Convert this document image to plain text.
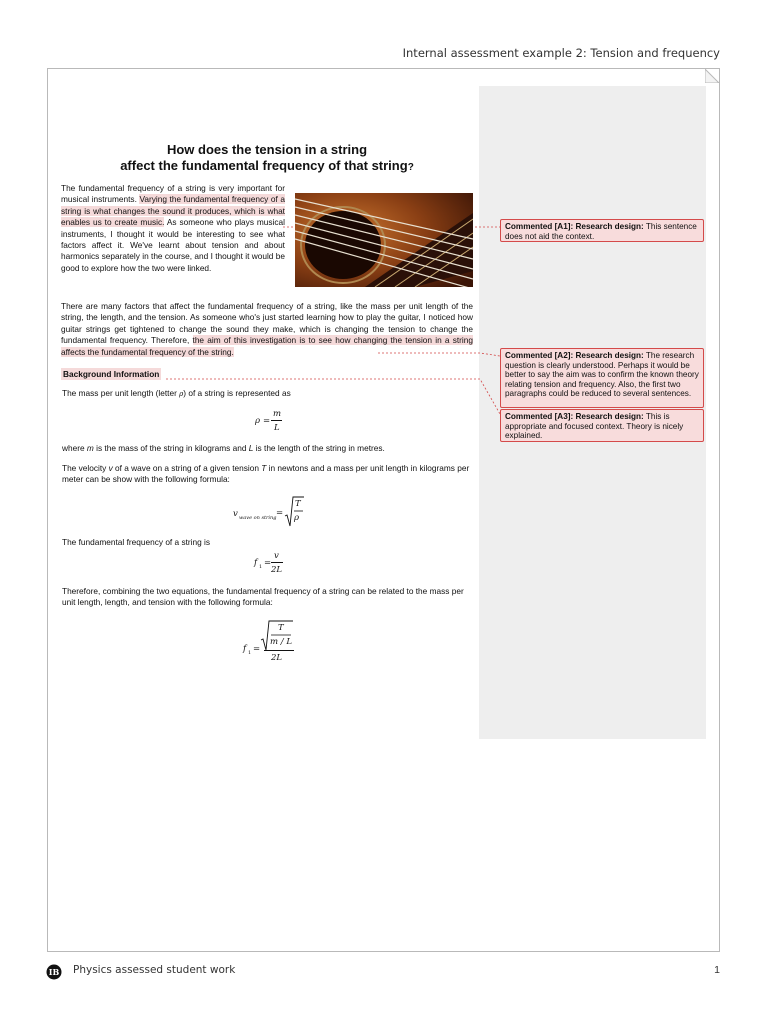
Internal assessment example 2: Tension and frequency
How does the tension in a string
affect the fundamental frequency of that string?
The fundamental frequency of a string is very important for musical instruments. Varying the fundamental frequency of a string is what changes the sound it produces, which is what enables us to create music. As someone who plays musical instruments, I thought it would be interesting to see what factors affect it. We've learnt about tension and about harmonics separately in the course, and I thought it would be good to explore how the two were linked.
There are many factors that affect the fundamental frequency of a string, like the mass per unit length of the string, the length, and the tension. As someone who's just started learning how to play the guitar, I noticed how guitar strings get tightened to change the sound they make, which is changing the tension to change the fundamental frequency. Therefore, the aim of this investigation is to see how changing the tension in a string affects the fundamental frequency of the string.
Background Information
The mass per unit length (letter ρ) of a string is represented as
ρ =
m
L
where m is the mass of the string in kilograms and L is the length of the string in metres.
The velocity v of a wave on a string of a given tension T in newtons and a mass per unit length in kilograms per meter can be show with the following formula:
v wave on string =
T
ρ
The fundamental frequency of a string is
f 1 =
v
2L
Therefore, combining the two equations, the fundamental frequency of a string can be related to the mass per unit length, length, and tension with the following formula:
f 1 =
T
m / L
2L
Commented [A1]: Research design: This sentence does not aid the context.
Commented [A2]: Research design: The research question is clearly understood. Perhaps it would be better to say the aim was to confirm the known theory relating tension and frequency. Also, the first two paragraphs could be reduced to several sentences.
Commented [A3]: Research design: This is appropriate and focused context. Theory is nicely explained.
IB Physics assessed student work	1
